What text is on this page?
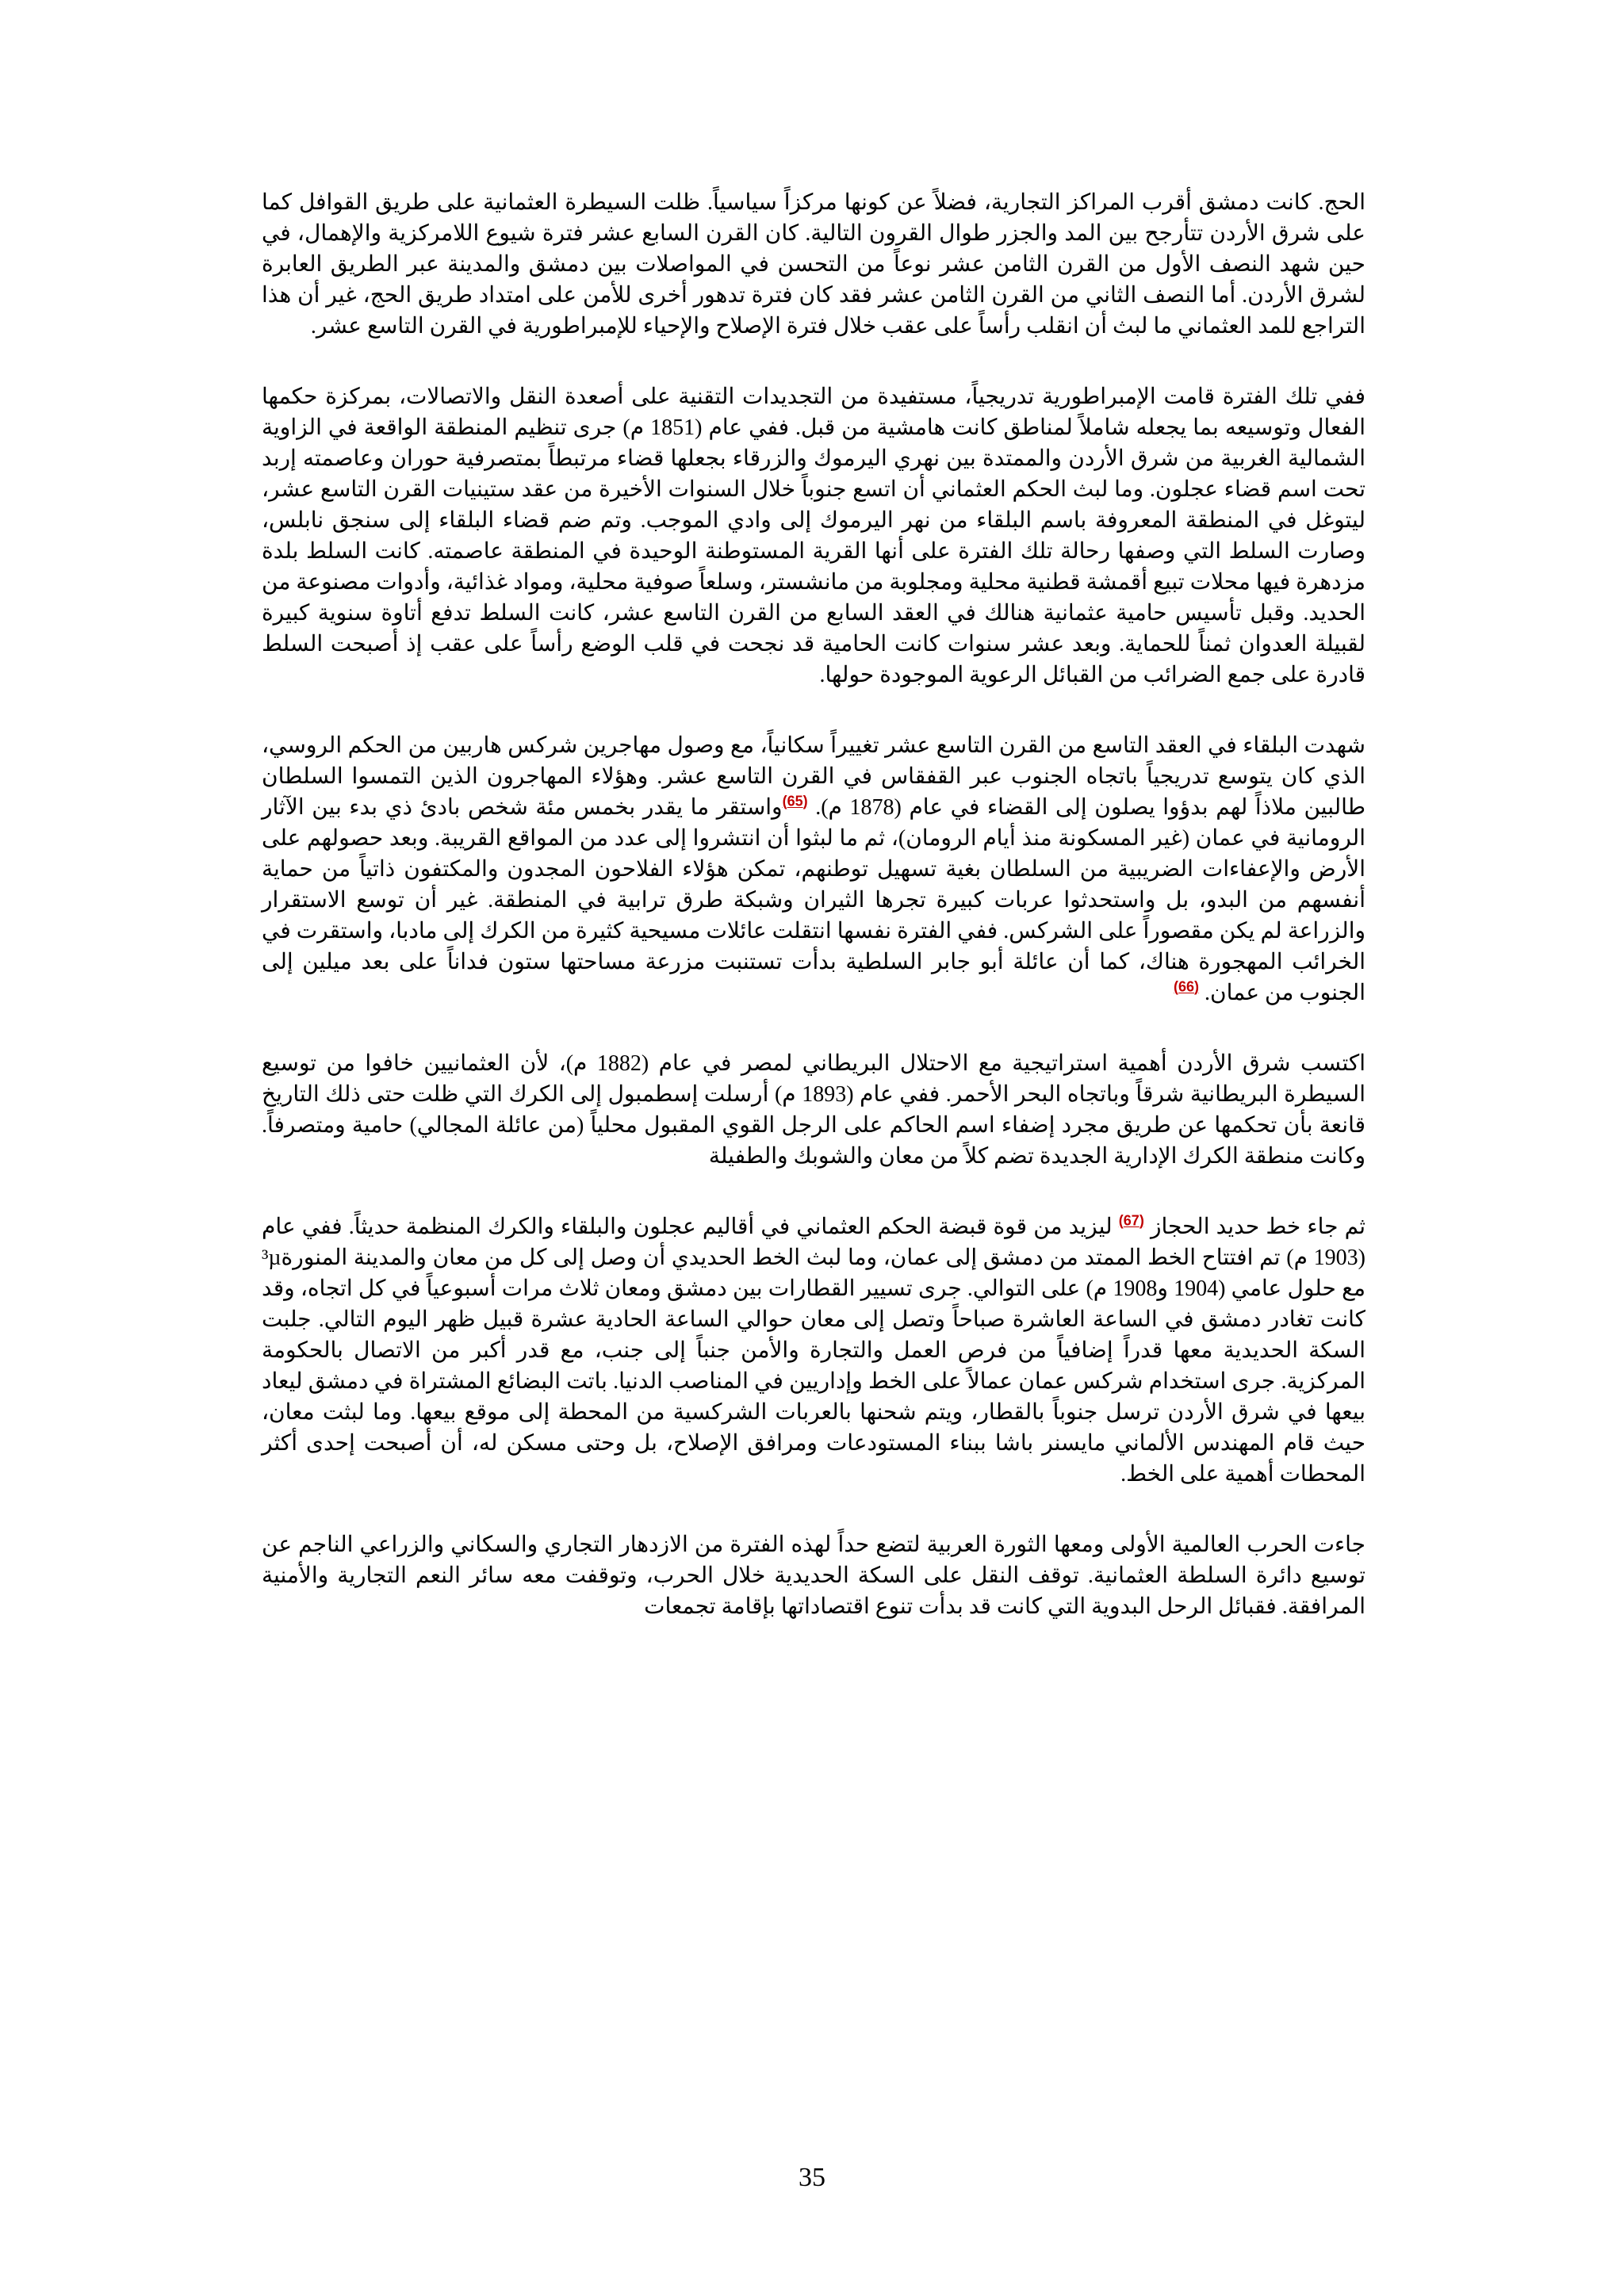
الحج. كانت دمشق أقرب المراكز التجارية، فضلاً عن كونها مركزاً سياسياً. ظلت السيطرة العثمانية على طريق القوافل كما على شرق الأردن تتأرجح بين المد والجزر طوال القرون التالية. كان القرن السابع عشر فترة شيوع اللامركزية والإهمال، في حين شهد النصف الأول من القرن الثامن عشر نوعاً من التحسن في المواصلات بين دمشق والمدينة عبر الطريق العابرة لشرق الأردن. أما النصف الثاني من القرن الثامن عشر فقد كان فترة تدهور أخرى للأمن على امتداد طريق الحج، غير أن هذا التراجع للمد العثماني ما لبث أن انقلب رأساً على عقب خلال فترة الإصلاح والإحياء للإمبراطورية في القرن التاسع عشر.

ففي تلك الفترة قامت الإمبراطورية تدريجياً، مستفيدة من التجديدات التقنية على أصعدة النقل والاتصالات، بمركزة حكمها الفعال وتوسيعه بما يجعله شاملاً لمناطق كانت هامشية من قبل. ففي عام (1851 م) جرى تنظيم المنطقة الواقعة في الزاوية الشمالية الغربية من شرق الأردن والممتدة بين نهري اليرموك والزرقاء بجعلها قضاء مرتبطاً بمتصرفية حوران وعاصمته إربد تحت اسم قضاء عجلون. وما لبث الحكم العثماني أن اتسع جنوباً خلال السنوات الأخيرة من عقد ستينيات القرن التاسع عشر، ليتوغل في المنطقة المعروفة باسم البلقاء من نهر اليرموك إلى وادي الموجب. وتم ضم قضاء البلقاء إلى سنجق نابلس، وصارت السلط التي وصفها رحالة تلك الفترة على أنها القرية المستوطنة الوحيدة في المنطقة عاصمته. كانت السلط بلدة مزدهرة فيها محلات تبيع أقمشة قطنية محلية ومجلوبة من مانشستر، وسلعاً صوفية محلية، ومواد غذائية، وأدوات مصنوعة من الحديد. وقبل تأسيس حامية عثمانية هنالك في العقد السابع من القرن التاسع عشر، كانت السلط تدفع أتاوة سنوية كبيرة لقبيلة العدوان ثمناً للحماية. وبعد عشر سنوات كانت الحامية قد نجحت في قلب الوضع رأساً على عقب إذ أصبحت السلط قادرة على جمع الضرائب من القبائل الرعوية الموجودة حولها.

شهدت البلقاء في العقد التاسع من القرن التاسع عشر تغييراً سكانياً، مع وصول مهاجرين شركس هاربين من الحكم الروسي، الذي كان يتوسع تدريجياً باتجاه الجنوب عبر القفقاس في القرن التاسع عشر. وهؤلاء المهاجرون الذين التمسوا السلطان طالبين ملاذاً لهم بدؤوا يصلون إلى القضاء في عام (1878 م). $^{(65)}$واستقر ما يقدر بخمس مئة شخص بادئ ذي بدء بين الآثار الرومانية في عمان (غير المسكونة منذ أيام الرومان)، ثم ما لبثوا أن انتشروا إلى عدد من المواقع القريبة. وبعد حصولهم على الأرض والإعفاءات الضريبية من السلطان بغية تسهيل توطنهم، تمكن هؤلاء الفلاحون المجدون والمكتفون ذاتياً من حماية أنفسهم من البدو، بل واستحدثوا عربات كبيرة تجرها الثيران وشبكة طرق ترابية في المنطقة. غير أن توسع الاستقرار والزراعة لم يكن مقصوراً على الشركس. ففي الفترة نفسها انتقلت عائلات مسيحية كثيرة من الكرك إلى مادبا، واستقرت في الخرائب المهجورة هناك، كما أن عائلة أبو جابر السلطية بدأت تستنبت مزرعة مساحتها ستون فداناً على بعد ميلين إلى الجنوب من عمان. $^{(66)}$

اكتسب شرق الأردن أهمية استراتيجية مع الاحتلال البريطاني لمصر في عام (1882 م)، لأن العثمانيين خافوا من توسيع السيطرة البريطانية شرقاً وباتجاه البحر الأحمر. ففي عام (1893 م) أرسلت إسطمبول إلى الكرك التي ظلت حتى ذلك التاريخ قانعة بأن تحكمها عن طريق مجرد إضفاء اسم الحاكم على الرجل القوي المقبول محلياً (من عائلة المجالي) حامية ومتصرفاً. وكانت منطقة الكرك الإدارية الجديدة تضم كلاً من معان والشوبك والطفيلة

ثم جاء خط حديد الحجاز $^{(67)}$ ليزيد من قوة قبضة الحكم العثماني في أقاليم عجلون والبلقاء والكرك المنظمة حديثاً. ففي عام (1903 م) تم افتتاح الخط الممتد من دمشق إلى عمان، وما لبث الخط الحديدي أن وصل إلى كل من معان والمدينة المنورة³µ مع حلول عامي (1904 و1908 م) على التوالي. جرى تسيير القطارات بين دمشق ومعان ثلاث مرات أسبوعياً في كل اتجاه، وقد كانت تغادر دمشق في الساعة العاشرة صباحاً وتصل إلى معان حوالي الساعة الحادية عشرة قبيل ظهر اليوم التالي. جلبت السكة الحديدية معها قدراً إضافياً من فرص العمل والتجارة والأمن جنباً إلى جنب، مع قدر أكبر من الاتصال بالحكومة المركزية. جرى استخدام شركس عمان عمالاً على الخط وإداريين في المناصب الدنيا. باتت البضائع المشتراة في دمشق ليعاد بيعها في شرق الأردن ترسل جنوباً بالقطار، ويتم شحنها بالعربات الشركسية من المحطة إلى موقع بيعها. وما لبثت معان، حيث قام المهندس الألماني مايسنر باشا ببناء المستودعات ومرافق الإصلاح، بل وحتى مسكن له، أن أصبحت إحدى أكثر المحطات أهمية على الخط.

جاءت الحرب العالمية الأولى ومعها الثورة العربية لتضع حداً لهذه الفترة من الازدهار التجاري والسكاني والزراعي الناجم عن توسيع دائرة السلطة العثمانية. توقف النقل على السكة الحديدية خلال الحرب، وتوقفت معه سائر النعم التجارية والأمنية المرافقة. فقبائل الرحل البدوية التي كانت قد بدأت تنوع اقتصاداتها بإقامة تجمعات

35
